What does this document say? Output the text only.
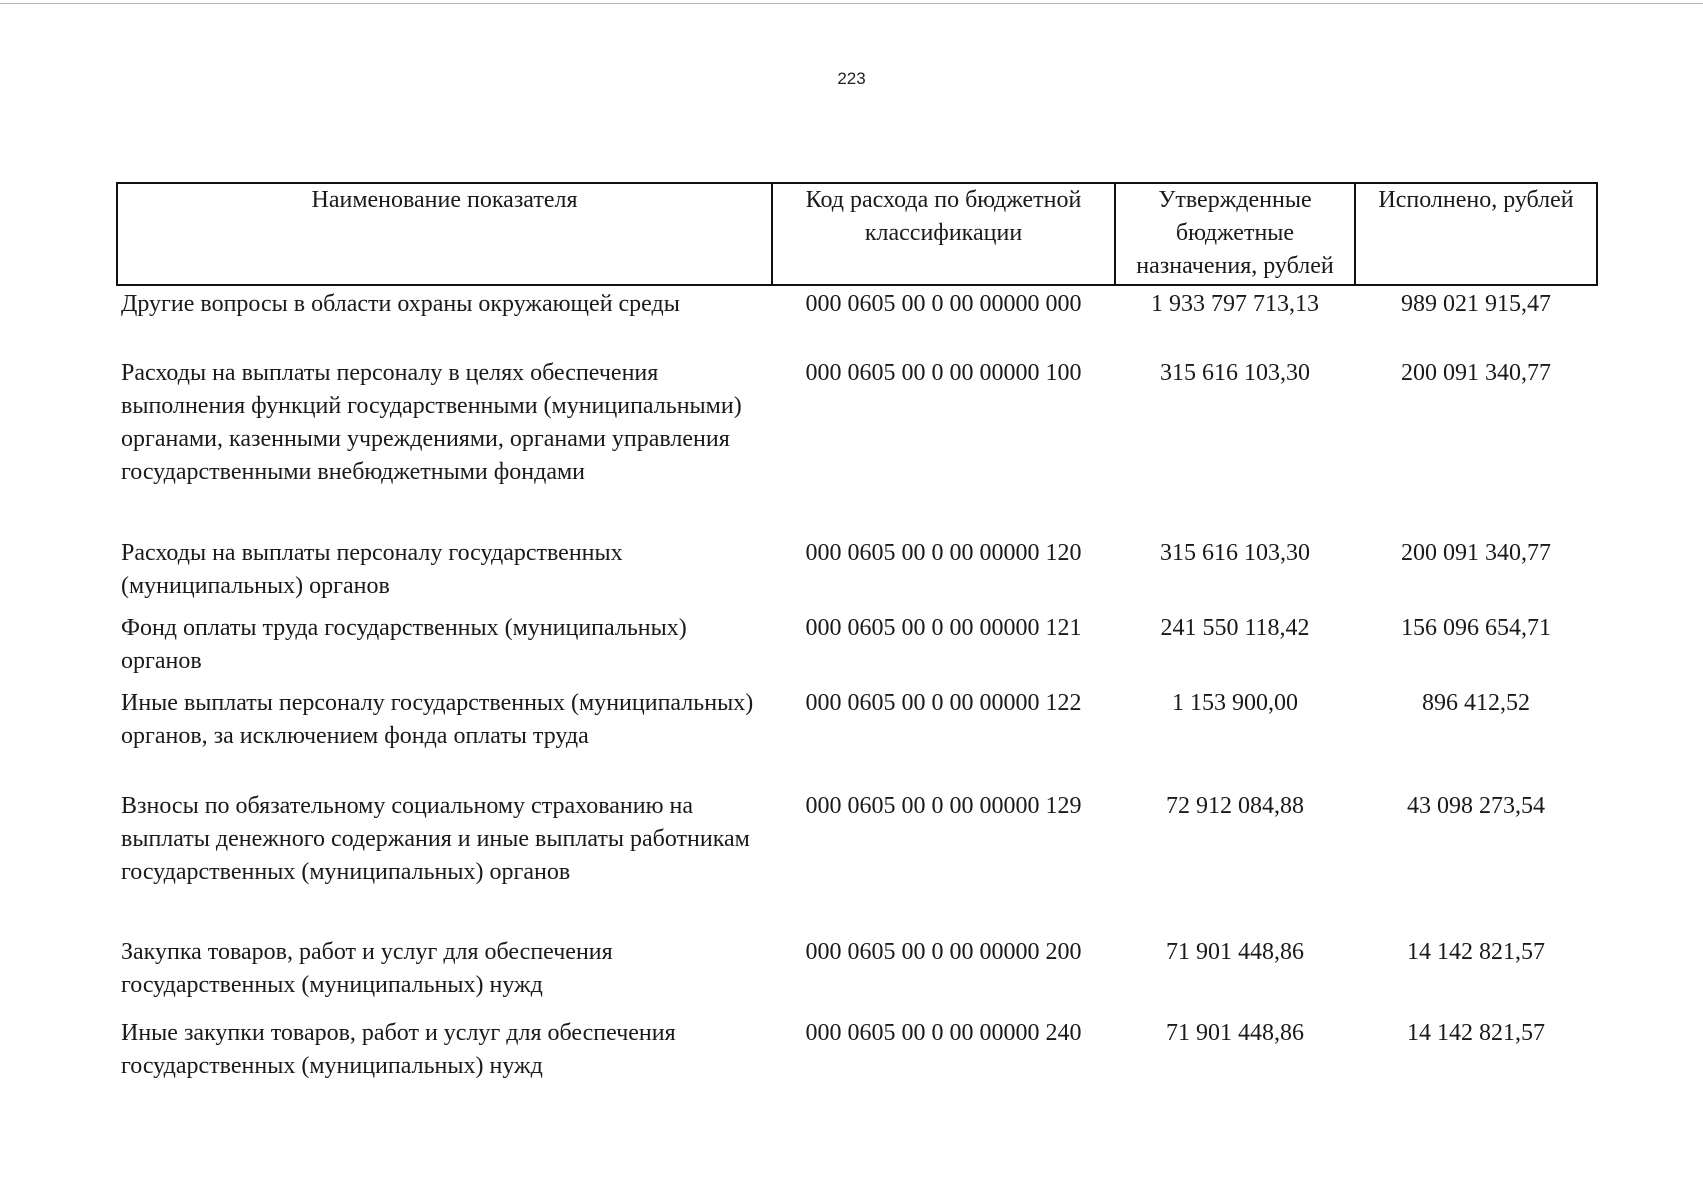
223
Наименование показателя	Код расхода по бюджетной классификации	Утвержденные бюджетные назначения, рублей	Исполнено, рублей
Другие вопросы в области охраны окружающей среды	000 0605 00 0 00 00000 000	1 933 797 713,13	989 021 915,47
Расходы на выплаты персоналу в целях обеспечения выполнения функций государственными (муниципальными) органами, казенными учреждениями, органами управления государственными внебюджетными фондами	000 0605 00 0 00 00000 100	315 616 103,30	200 091 340,77
Расходы на выплаты персоналу государственных (муниципальных) органов	000 0605 00 0 00 00000 120	315 616 103,30	200 091 340,77
Фонд оплаты труда государственных (муниципальных) органов	000 0605 00 0 00 00000 121	241 550 118,42	156 096 654,71
Иные выплаты персоналу государственных (муниципальных) органов, за исключением фонда оплаты труда	000 0605 00 0 00 00000 122	1 153 900,00	896 412,52
Взносы по обязательному социальному страхованию на выплаты денежного содержания и иные выплаты работникам государственных (муниципальных) органов	000 0605 00 0 00 00000 129	72 912 084,88	43 098 273,54
Закупка товаров, работ и услуг для обеспечения государственных (муниципальных) нужд	000 0605 00 0 00 00000 200	71 901 448,86	14 142 821,57
Иные закупки товаров, работ и услуг для обеспечения государственных (муниципальных) нужд	000 0605 00 0 00 00000 240	71 901 448,86	14 142 821,57
